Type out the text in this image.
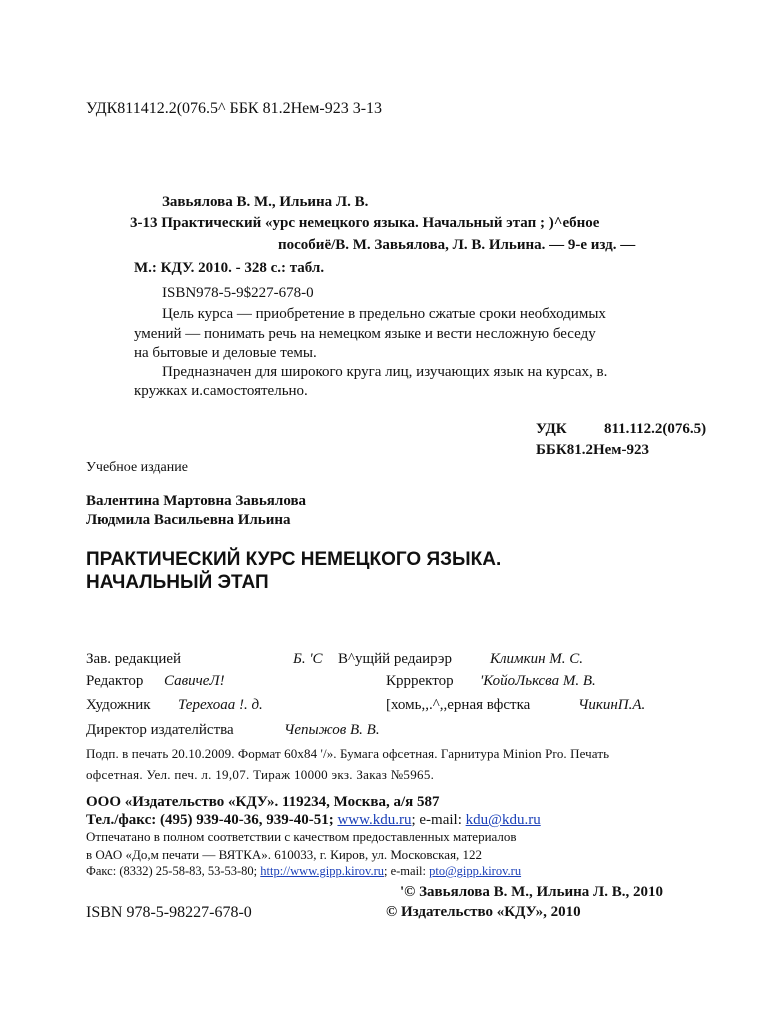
УДК811412.2(076.5^ ББК 81.2Нем-923 3-13
Завьялова В. М., Ильина Л. В.
3-13 Практический «урс немецкого языка. Начальный этап ; )^ебное
пособиё/В. М. Завьялова, Л. В. Ильина. — 9-е изд. —
М.: КДУ. 2010. - 328 с.: табл.
ISBN978-5-9$227-678-0
Цель курса — приобретение в предельно сжатые сроки необходимых
умений — понимать речь на немецком языке и вести несложную беседу
на бытовые и деловые темы.
Предназначен для широкого круга лиц, изучающих язык на курсах, в.
кружках и.самостоятельно.
УДК 811.112.2(076.5)
ББК81.2Нем-923
Учебное издание
Валентина Мартовна Завьялова
Людмила Васильевна Ильина
ПРАКТИЧЕСКИЙ КУРС НЕМЕЦКОГО ЯЗЫКА.
НАЧАЛЬНЫЙ ЭТАП
Зав. редакцией	Б. 'С В^ущйй редаирэр	Климкин М. С.
Редактор СавичеЛ!	Кррректор 'КойоЛьксва М. В.
Художник Терехоаа !. д.	[хомь,,.^,,ерная вфстка	ЧикинП.А.
Директор издателйства	Чепыжов В. В.
Подп. в печать 20.10.2009. Формат 60x84 '/». Бумага офсетная. Гарнитура Minion Pro. Печать
офсетная. Уел. печ. л. 19,07. Тираж 10000 экз. Заказ №5965.
ООО «Издательство «КДУ». 119234, Москва, а/я 587
Тел./факс: (495) 939-40-36, 939-40-51; www.kdu.ru; e-mail: kdu@kdu.ru
Отпечатано в полном соответствии с качеством предоставленных материалов
в ОАО «До,м печати — ВЯТКА». 610033, г. Киров, ул. Московская, 122
Факс: (8332) 25-58-83, 53-53-80; http://www.gipp.kirov.ru; e-mail: pto@gipp.kirov.ru
'© Завьялова В. М., Ильина Л. В., 2010
ISBN 978-5-98227-678-0	© Издательство «КДУ», 2010
